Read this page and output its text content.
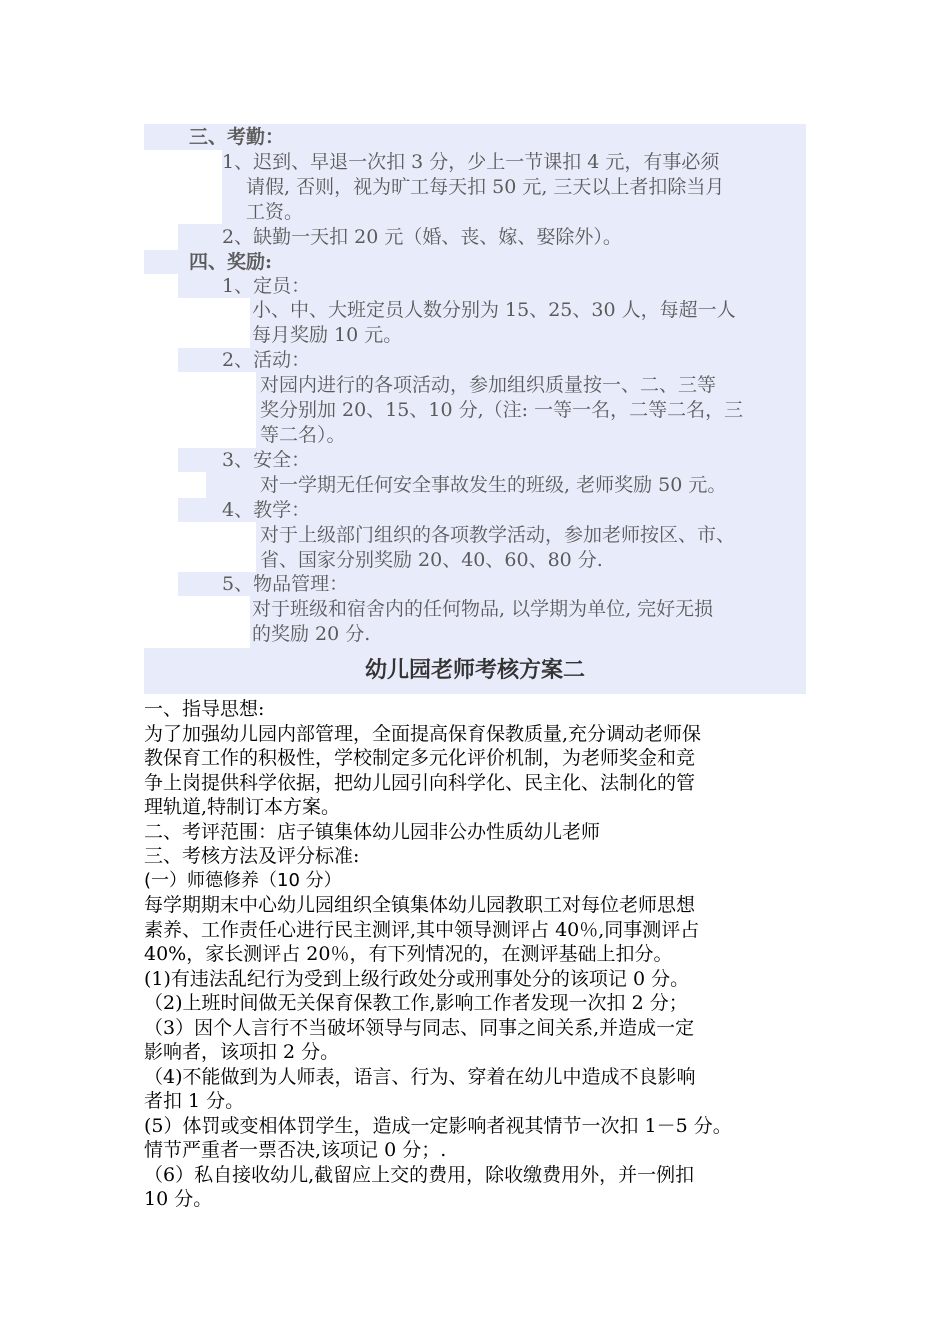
三、考勤：
1、迟到、早退一次扣 3 分，少上一节课扣 4 元，有事必须
请假, 否则，视为旷工每天扣 50 元, 三天以上者扣除当月
工资。
2、缺勤一天扣 20 元（婚、丧、嫁、娶除外）。
四、奖励:
1、定员：
小、中、大班定员人数分别为 15、25、30 人，每超一人
每月奖励 10 元。
2、活动：
对园内进行的各项活动，参加组织质量按一、二、三等
奖分别加 20、15、10 分,（注: 一等一名，二等二名，三
等二名）。
3、安全：
对一学期无任何安全事故发生的班级, 老师奖励 50 元。
4、教学：
对于上级部门组织的各项教学活动，参加老师按区、市、
省、国家分别奖励 20、40、60、80 分.
5、物品管理：
对于班级和宿舍内的任何物品, 以学期为单位, 完好无损
的奖励 20 分.
幼儿园老师考核方案二

一、指导思想:

为了加强幼儿园内部管理，全面提高保育保教质量,充分调动老师保

教保育工作的积极性，学校制定多元化评价机制，为老师奖金和竞

争上岗提供科学依据，把幼儿园引向科学化、民主化、法制化的管

理轨道,特制订本方案。

二、考评范围：店子镇集体幼儿园非公办性质幼儿老师

三、考核方法及评分标准:

(一）师德修养（10 分）

每学期期末中心幼儿园组织全镇集体幼儿园教职工对每位老师思想

素养、工作责任心进行民主测评,其中领导测评占 40％,同事测评占

40%，家长测评占 20％，有下列情况的，在测评基础上扣分。

(1)有违法乱纪行为受到上级行政处分或刑事处分的该项记 0 分。

（2)上班时间做无关保育保教工作,影响工作者发现一次扣 2 分；

（3）因个人言行不当破坏领导与同志、同事之间关系,并造成一定

影响者，该项扣 2 分。

（4)不能做到为人师表，语言、行为、穿着在幼儿中造成不良影响

者扣 1 分。

(5）体罚或变相体罚学生，造成一定影响者视其情节一次扣 1－5 分。

情节严重者一票否决,该项记 0 分；.

（6）私自接收幼儿,截留应上交的费用，除收缴费用外，并一例扣

10 分。
